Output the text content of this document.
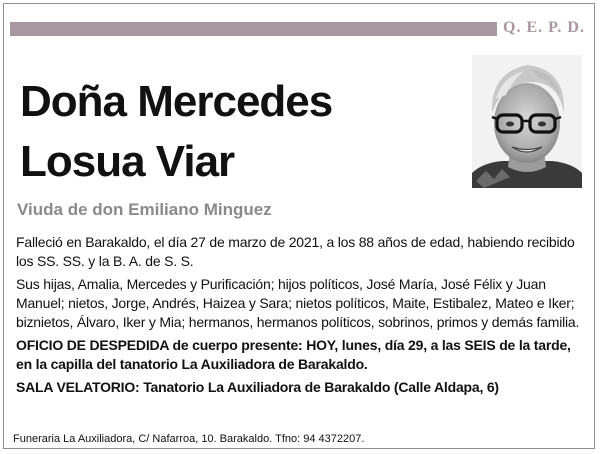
Q. E. P. D.
Doña Mercedes
Losua Viar
Viuda de don Emiliano Minguez

Falleció en Barakaldo, el día 27 de marzo de 2021, a los 88 años de edad, habiendo recibido los SS. SS. y la B. A. de S. S.

Sus hijas, Amalia, Mercedes y Purificación; hijos políticos, José María, José Félix y Juan Manuel; nietos, Jorge, Andrés, Haizea y Sara; nietos políticos, Maite, Estibalez, Mateo e Iker; biznietos, Álvaro, Iker y Mia; hermanos, hermanos políticos, sobrinos, primos y demás familia.

OFICIO DE DESPEDIDA de cuerpo presente: HOY, lunes, día 29, a las SEIS de la tarde, en la capilla del tanatorio La Auxiliadora de Barakaldo.

SALA VELATORIO: Tanatorio La Auxiliadora de Barakaldo (Calle Aldapa, 6)

Funeraria La Auxiliadora, C/ Nafarroa, 10. Barakaldo. Tfno: 94 4372207.
